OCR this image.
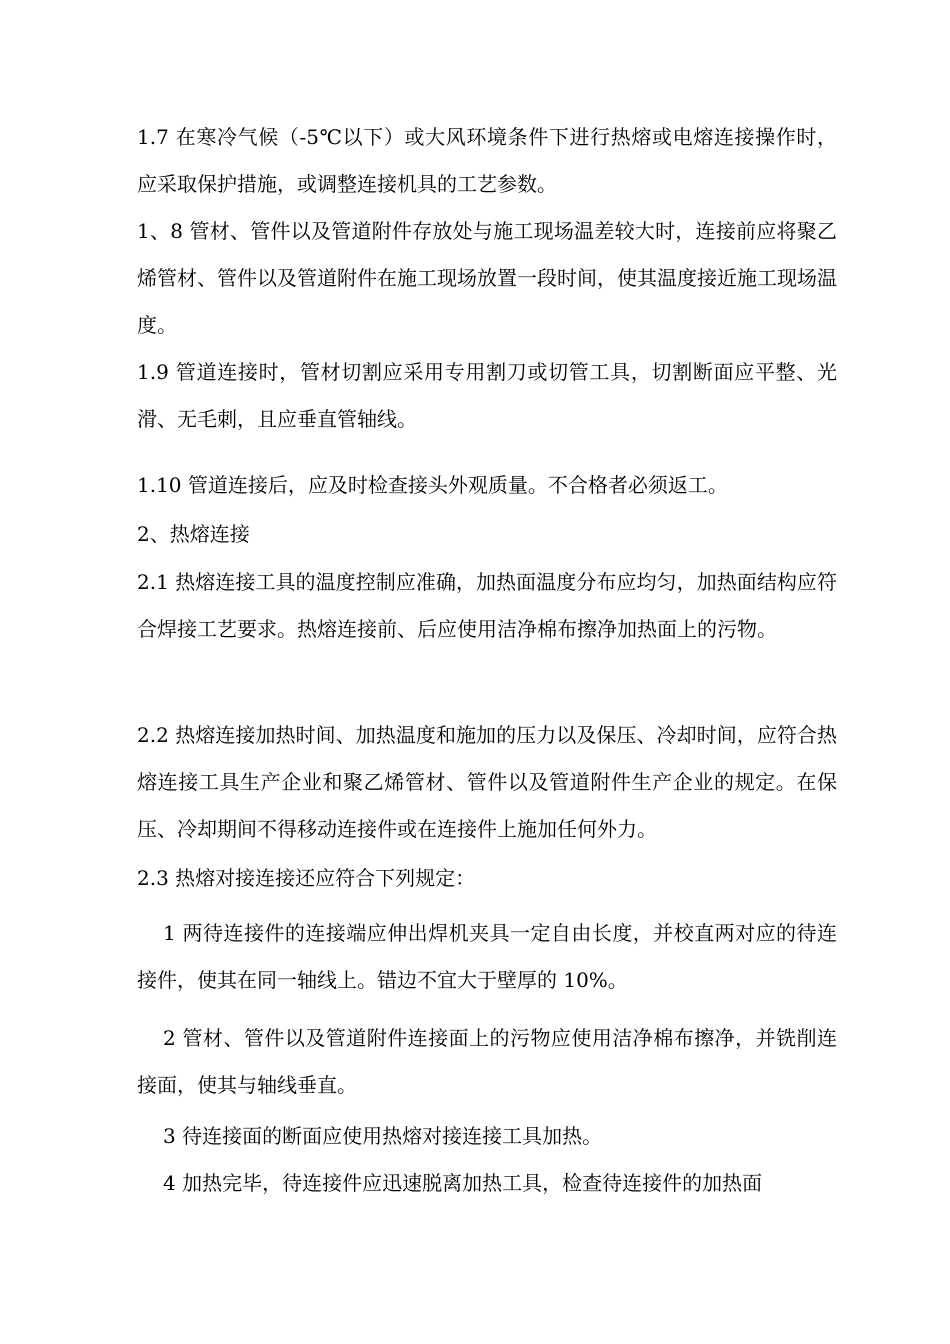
1.7 在寒冷气候（-5℃以下）或大风环境条件下进行热熔或电熔连接操作时，应采取保护措施，或调整连接机具的工艺参数。

1、8 管材、管件以及管道附件存放处与施工现场温差较大时，连接前应将聚乙烯管材、管件以及管道附件在施工现场放置一段时间，使其温度接近施工现场温度。

1.9 管道连接时，管材切割应采用专用割刀或切管工具，切割断面应平整、光滑、无毛刺，且应垂直管轴线。

1.10 管道连接后，应及时检查接头外观质量。不合格者必须返工。

2、热熔连接

2.1 热熔连接工具的温度控制应准确，加热面温度分布应均匀，加热面结构应符合焊接工艺要求。热熔连接前、后应使用洁净棉布擦净加热面上的污物。

2.2 热熔连接加热时间、加热温度和施加的压力以及保压、冷却时间，应符合热熔连接工具生产企业和聚乙烯管材、管件以及管道附件生产企业的规定。在保压、冷却期间不得移动连接件或在连接件上施加任何外力。

2.3 热熔对接连接还应符合下列规定：

1 两待连接件的连接端应伸出焊机夹具一定自由长度，并校直两对应的待连接件，使其在同一轴线上。错边不宜大于壁厚的 10%。

2 管材、管件以及管道附件连接面上的污物应使用洁净棉布擦净，并铣削连接面，使其与轴线垂直。

3 待连接面的断面应使用热熔对接连接工具加热。

4 加热完毕，待连接件应迅速脱离加热工具，检查待连接件的加热面
